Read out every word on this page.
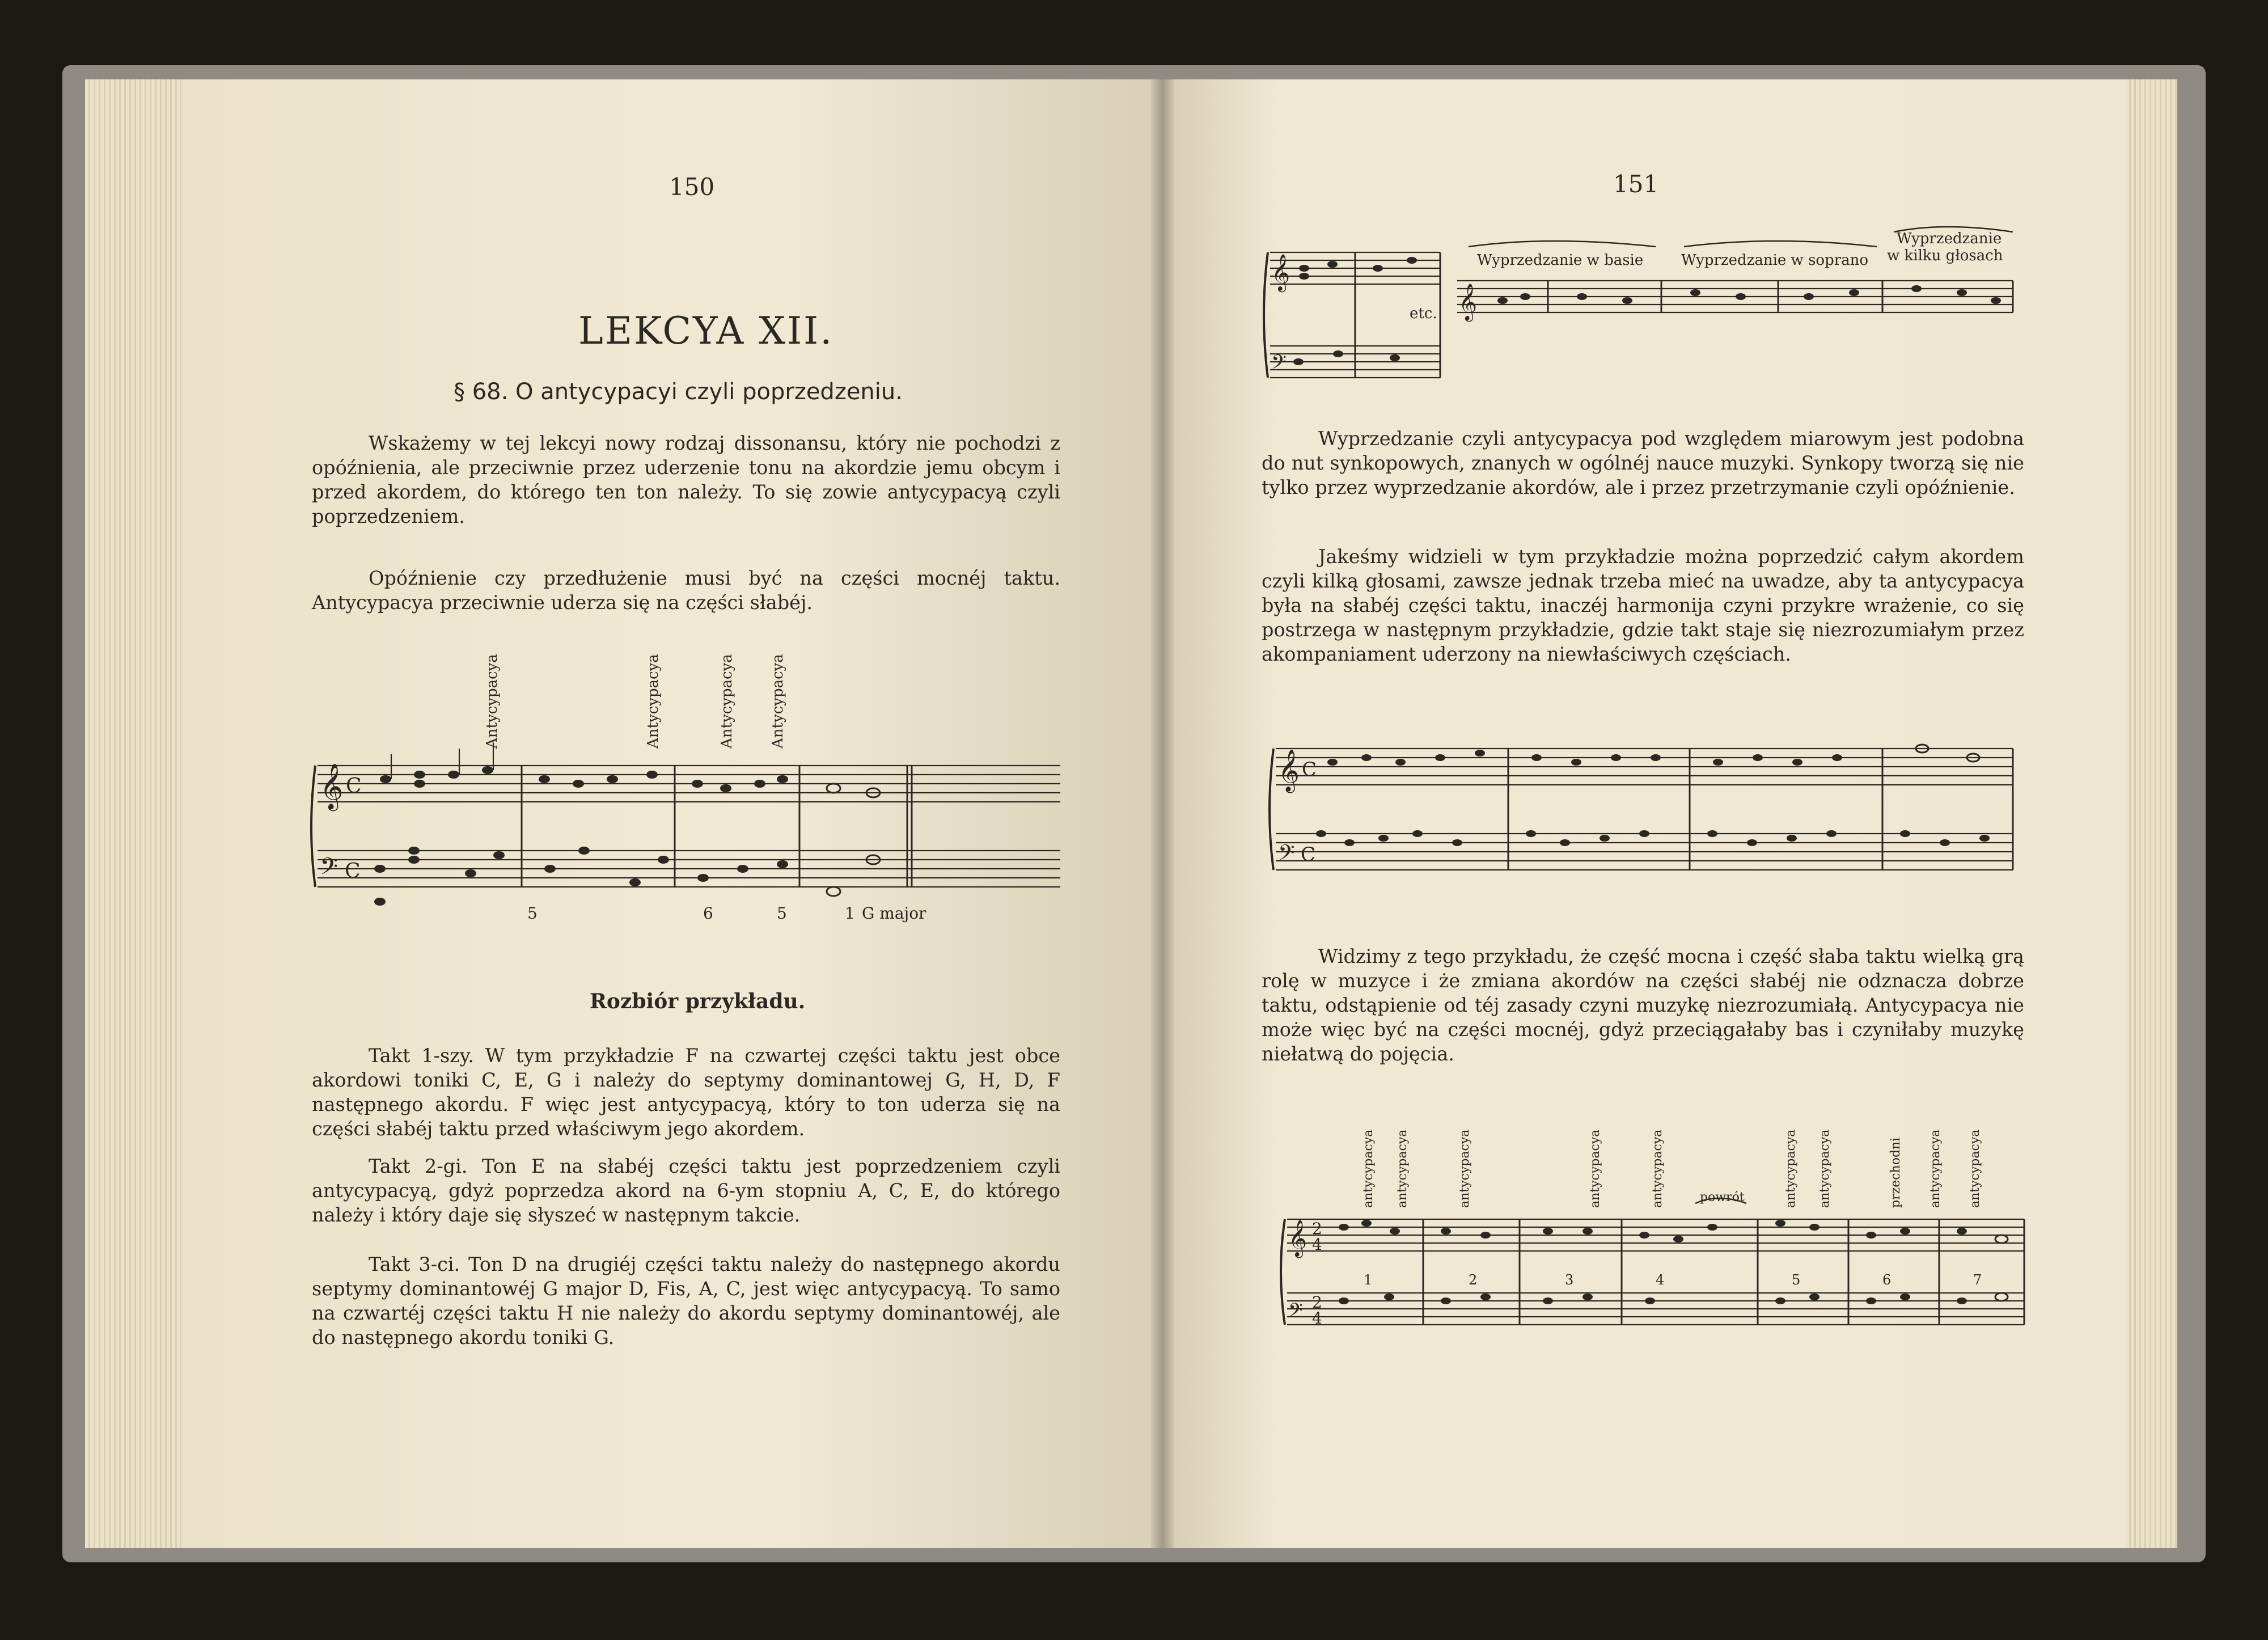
150
LEKCYA XII.
§ 68. O antycypacyi czyli poprzedzeniu.
Wskażemy w tej lekcyi nowy rodzaj dissonansu, który nie pochodzi z opóźnienia, ale przeciwnie przez uderzenie tonu na akordzie jemu obcym i przed akordem, do którego ten ton należy. To się zowie antycypacyą czyli poprzedzeniem.
Opóźnienie czy przedłużenie musi być na części mocnéj taktu. Antycypacya przeciwnie uderza się na części słabéj.
𝄞
𝄢
C
C
Antycypacya	Antycypacya	Antycypacya Antycypacya
5	6	5	1 G major
Rozbiór przykładu.
Takt 1-szy. W tym przykładzie F na czwartej części taktu jest obce akordowi toniki C, E, G i należy do septymy dominantowej G, H, D, F następnego akordu. F więc jest antycypacyą, który to ton uderza się na części słabéj taktu przed właściwym jego akordem.
Takt 2-gi. Ton E na słabéj części taktu jest poprzedzeniem czyli antycypacyą, gdyż poprzedza akord na 6-ym stopniu A, C, E, do którego należy i który daje się słyszeć w następnym takcie.
Takt 3-ci. Ton D na drugiéj części taktu należy do następnego akordu septymy dominantowéj G major D, Fis, A, C, jest więc antycypacyą. To samo na czwartéj części taktu H nie należy do akordu septymy dominantowéj, ale do następnego akordu toniki G.
151
𝄞
𝄢
𝄞
etc.
Wyprzedzanie w basie	Wyprzedzanie w soprano
Wyprzedzanie
w kilku głosach
Wyprzedzanie czyli antycypacya pod względem miarowym jest podobna do nut synkopowych, znanych w ogólnéj nauce muzyki. Synkopy tworzą się nie tylko przez wyprzedzanie akordów, ale i przez przetrzymanie czyli opóźnienie.
Jakeśmy widzieli w tym przykładzie można poprzedzić całym akordem czyli kilką głosami, zawsze jednak trzeba mieć na uwadze, aby ta antycypacya była na słabéj części taktu, inaczéj harmonija czyni przykre wrażenie, co się postrzega w następnym przykładzie, gdzie takt staje się niezrozumiałym przez akompaniament uderzony na niewłaściwych częściach.
𝄞
𝄢
C
C
Widzimy z tego przykładu, że część mocna i część słaba taktu wielką grą rolę w muzyce i że zmiana akordów na części słabéj nie odznacza dobrze taktu, odstąpienie od téj zasady czyni muzykę niezrozumiałą. Antycypacya nie może więc być na części mocnéj, gdyż przeciągałaby bas i czyniłaby muzykę niełatwą do pojęcia.
𝄞
𝄢
2
4
2
4
antycypacya antycypacya	antycypacya	antycypacya	antycypacya	antycypacya antycypacya	przechodni antycypacya antycypacya
powrót
1	2	3	4	5	6	7
